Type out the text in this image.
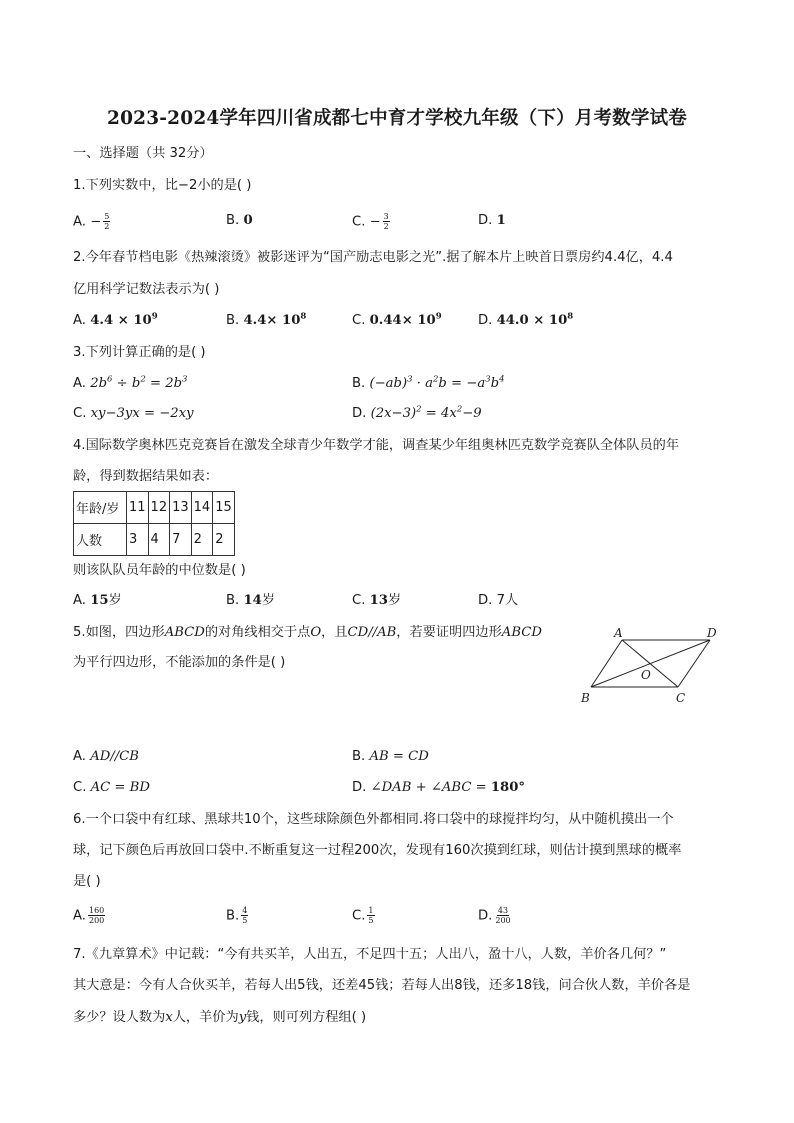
2023-2024学年四川省成都七中育才学校九年级（下）月考数学试卷
一、选择题（共 32分）
1.下列实数中，比−2小的是( )
A. − $\frac{5}{2}$	B. 0	C. − $\frac{3}{2}$	D. 1
2.今年春节档电影《热辣滚烫》被影迷评为“国产励志电影之光”.据了解本片上映首日票房约4.4亿，4.4
亿用科学记数法表示为( )
A. $4.4 \times 10^9$	B. $4.4\times 10^8$	C. $0.44\times 10^9$	D. $44.0 \times 10^8$
3.下列计算正确的是( )
A. $2b^6 \div b^2 = 2b^3$	B. $(-ab)^3 \cdot a^2b = -a^3b^4$
C. xy−3yx = −2xy	D. $(2x-3)^2 = 4x^2-9$
4.国际数学奥林匹克竞赛旨在激发全球青少年数学才能，调查某少年组奥林匹克数学竞赛队全体队员的年
龄，得到数据结果如表：
年龄/岁	11	12	13	14	15
人数	3	4	7	2	2
则该队队员年龄的中位数是( )
A. 15岁	B. 14岁	C. 13岁	D. 7人
5.如图，四边形ABCD的对角线相交于点O，且CD//AB，若要证明四边形ABCD
为平行四边形，不能添加的条件是( )
A	D
B	C
O
A. AD//CB	B. AB = CD
C. AC = BD	D. ∠DAB + ∠ABC = 180°
6.一个口袋中有红球、黑球共10个，这些球除颜色外都相同.将口袋中的球搅拌均匀，从中随机摸出一个
球，记下颜色后再放回口袋中.不断重复这一过程200次，发现有160次摸到红球，则估计摸到黑球的概率
是( )
A. $\frac{160}{200}$	B. $\frac{4}{5}$	C. $\frac{1}{5}$	D. $\frac{43}{200}$
7.《九章算术》中记载：“今有共买羊，人出五，不足四十五；人出八，盈十八，人数，羊价各几何？”
其大意是：今有人合伙买羊，若每人出5钱，还差45钱；若每人出8钱，还多18钱，问合伙人数，羊价各是
多少？设人数为x人，羊价为y钱，则可列方程组( )
